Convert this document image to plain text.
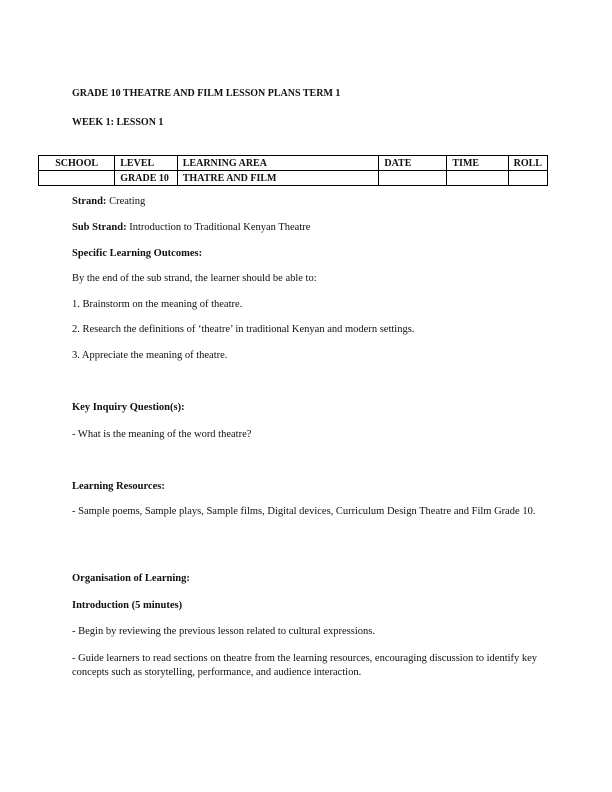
GRADE 10 THEATRE AND FILM LESSON PLANS TERM 1

WEEK 1: LESSON 1

SCHOOL	LEVEL	LEARNING AREA	DATE	TIME	ROLL
	GRADE 10	THATRE AND FILM			

Strand: Creating

Sub Strand: Introduction to Traditional Kenyan Theatre

Specific Learning Outcomes:

By the end of the sub strand, the learner should be able to:

1. Brainstorm on the meaning of theatre.

2. Research the definitions of ‘theatre’ in traditional Kenyan and modern settings.

3. Appreciate the meaning of theatre.

Key Inquiry Question(s):

- What is the meaning of the word theatre?

Learning Resources:

- Sample poems, Sample plays, Sample films, Digital devices, Curriculum Design Theatre and Film Grade 10.

Organisation of Learning:

Introduction (5 minutes)

- Begin by reviewing the previous lesson related to cultural expressions.

- Guide learners to read sections on theatre from the learning resources, encouraging discussion to identify key concepts such as storytelling, performance, and audience interaction.
